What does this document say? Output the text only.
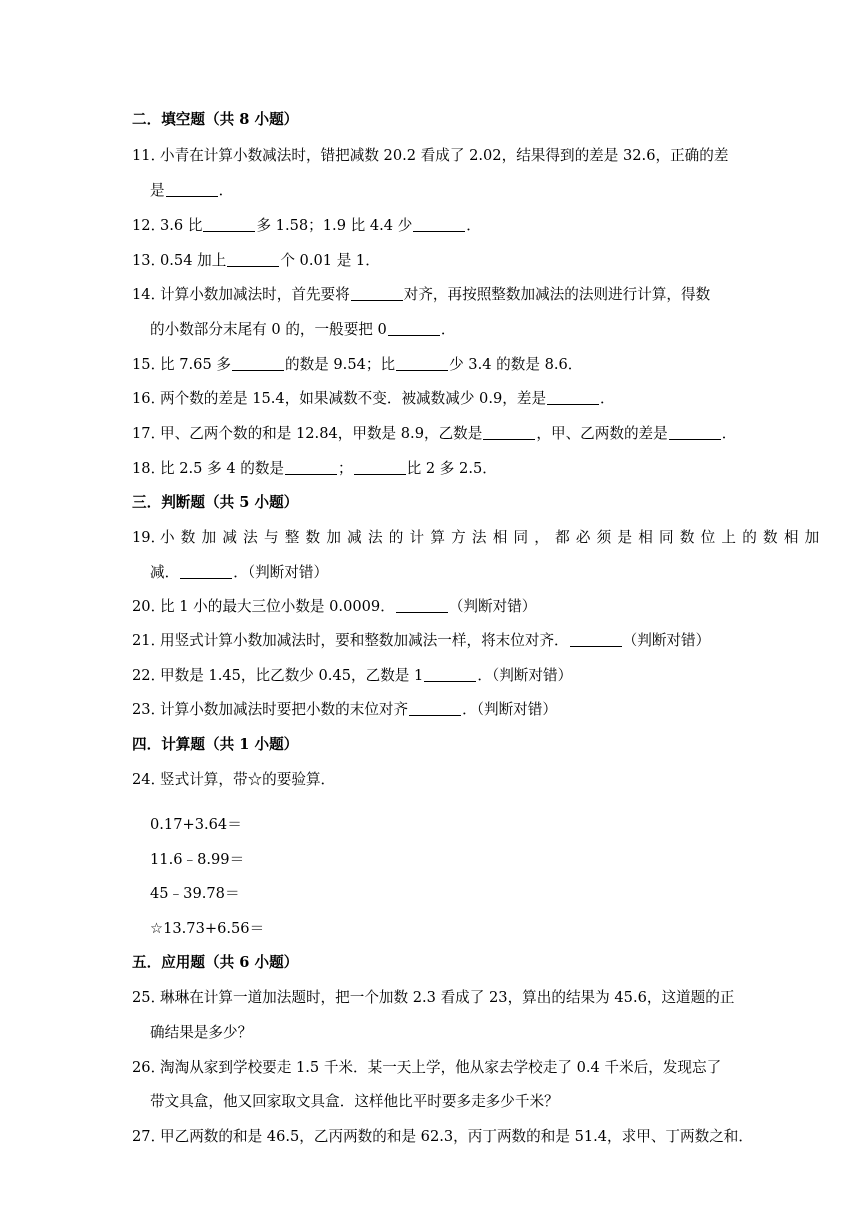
二．填空题（共 8 小题）
11．
小青在计算小数减法时，错把减数 20.2 看成了 2.02，结果得到的差是 32.6，正确的差
是	．
12．
3.6 比	多 1.58；1.9 比 4.4 少	．
13．
0.54 加上	个 0.01 是 1．
14．
计算小数加减法时，首先要将	对齐，再按照整数加减法的法则进行计算，得数
的小数部分末尾有 0 的，一般要把 0	．
15．
比 7.65 多	的数是 9.54；比	少 3.4 的数是 8.6．
16．
两个数的差是 15.4，如果减数不变．被减数减少 0.9，差是	．
17．
甲、乙两个数的和是 12.84，甲数是 8.9，乙数是	，甲、乙两数的差是	．
18．
比 2.5 多 4 的数是	；	比 2 多 2.5．
三．判断题（共 5 小题）
19．
小数加减法与整数加减法的计算方法相同，都必须是相同数位上的数相加
减．	．（判断对错）
20．
比 1 小的最大三位小数是 0.0009．	（判断对错）
21．
用竖式计算小数加减法时，要和整数加减法一样，将末位对齐．	（判断对错）
22．
甲数是 1.45，比乙数少 0.45，乙数是 1	．（判断对错）
23．
计算小数加减法时要把小数的末位对齐	．（判断对错）
四．计算题（共 1 小题）
24．
竖式计算，带☆的要验算．
0.17+3.64＝
11.6﹣8.99＝
45﹣39.78＝
☆13.73+6.56＝
五．应用题（共 6 小题）
25．
琳琳在计算一道加法题时，把一个加数 2.3 看成了 23，算出的结果为 45.6，这道题的正
确结果是多少？
26．
淘淘从家到学校要走 1.5 千米．某一天上学，他从家去学校走了 0.4 千米后，发现忘了
带文具盒，他又回家取文具盒．这样他比平时要多走多少千米？
27．
甲乙两数的和是 46.5，乙丙两数的和是 62.3，丙丁两数的和是 51.4，求甲、丁两数之和．
